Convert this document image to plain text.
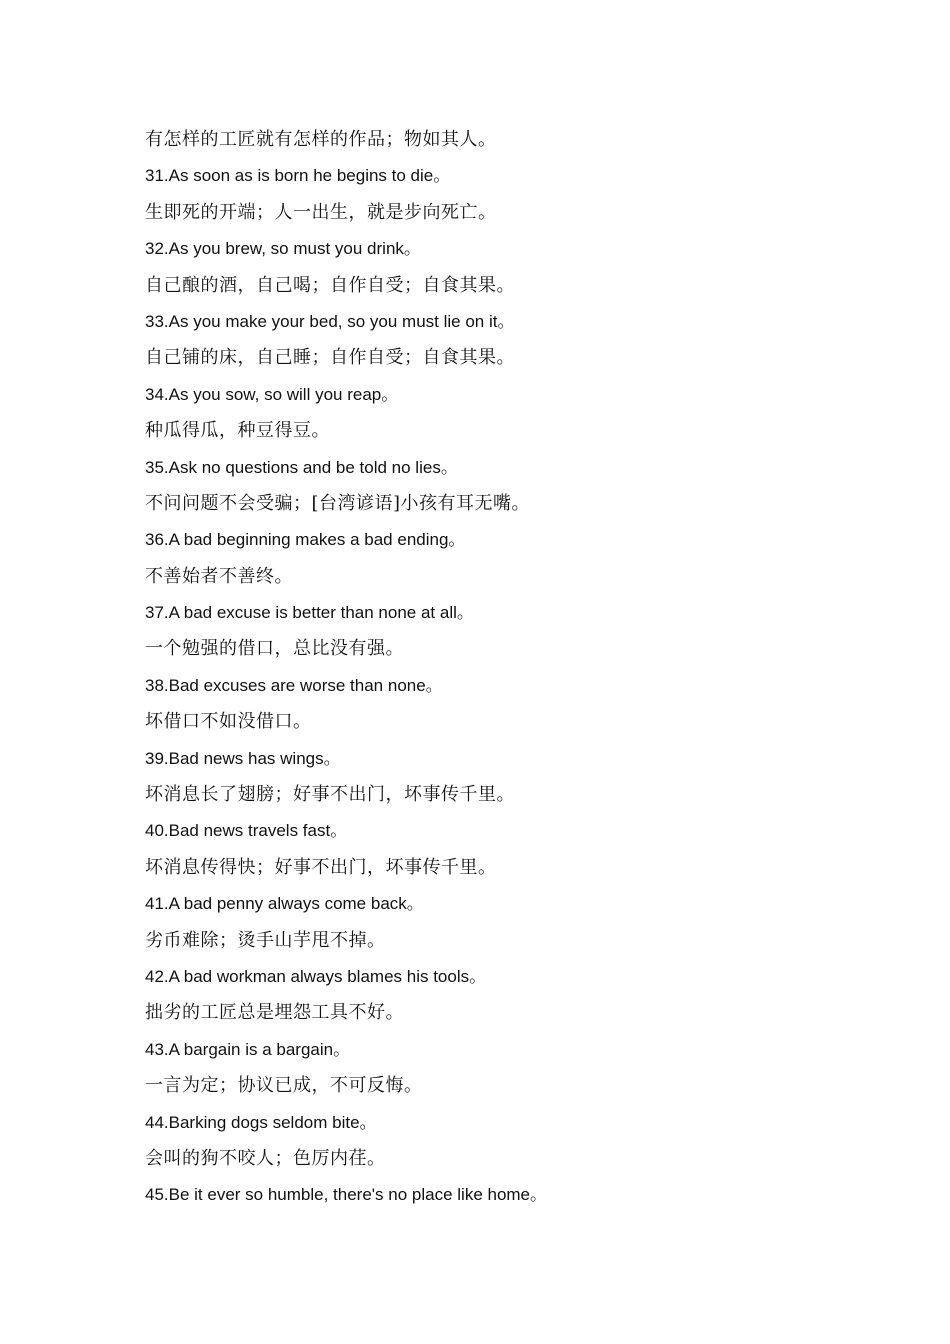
有怎样的工匠就有怎样的作品；物如其人。
31.As soon as is born he begins to die。
生即死的开端；人一出生，就是步向死亡。
32.As you brew, so must you drink。
自己酿的酒，自己喝；自作自受；自食其果。
33.As you make your bed, so you must lie on it。
自己铺的床，自己睡；自作自受；自食其果。
34.As you sow, so will you reap。
种瓜得瓜，种豆得豆。
35.Ask no questions and be told no lies。
不问问题不会受骗；[台湾谚语]小孩有耳无嘴。
36.A bad beginning makes a bad ending。
不善始者不善终。
37.A bad excuse is better than none at all。
一个勉强的借口，总比没有强。
38.Bad excuses are worse than none。
坏借口不如没借口。
39.Bad news has wings。
坏消息长了翅膀；好事不出门，坏事传千里。
40.Bad news travels fast。
坏消息传得快；好事不出门，坏事传千里。
41.A bad penny always come back。
劣币难除；烫手山芋甩不掉。
42.A bad workman always blames his tools。
拙劣的工匠总是埋怨工具不好。
43.A bargain is a bargain。
一言为定；协议已成，不可反悔。
44.Barking dogs seldom bite。
会叫的狗不咬人；色厉内荏。
45.Be it ever so humble, there's no place like home。
